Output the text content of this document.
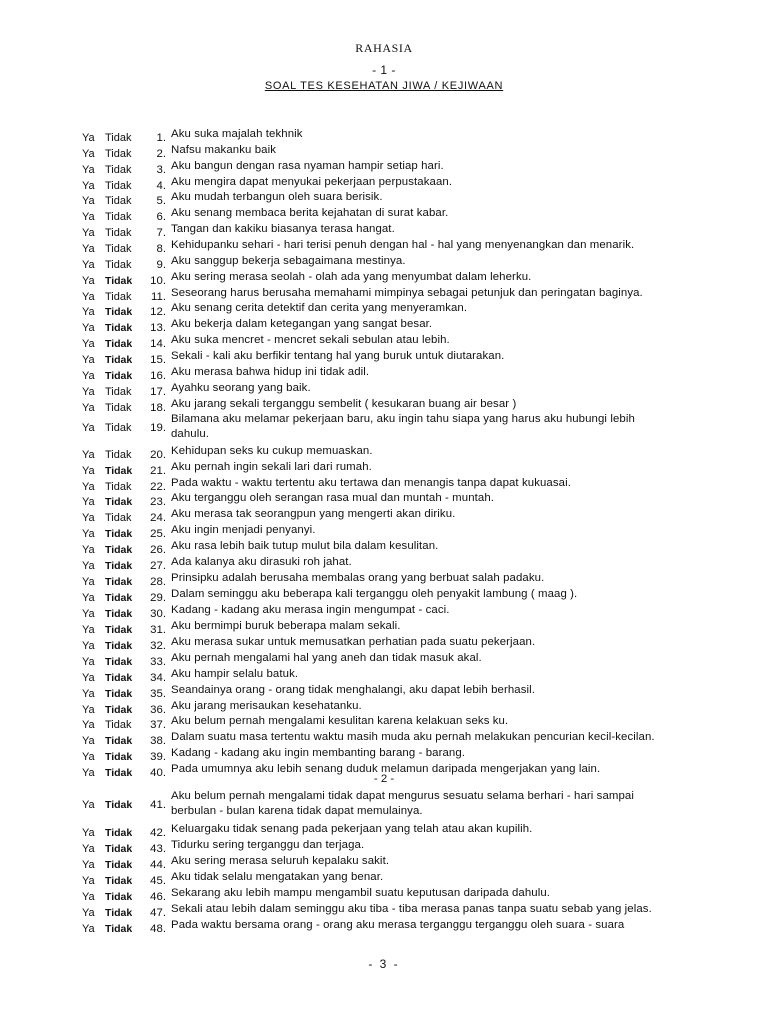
RAHASIA
- 1 -
SOAL TES KESEHATAN JIWA / KEJIWAAN
Ya Tidak	1. Aku suka majalah tekhnik
Ya Tidak	2. Nafsu makanku baik
Ya Tidak	3. Aku bangun dengan rasa nyaman hampir setiap hari.
Ya Tidak	4. Aku mengira dapat menyukai pekerjaan perpustakaan.
Ya Tidak	5. Aku mudah terbangun oleh suara berisik.
Ya Tidak	6. Aku senang membaca berita kejahatan di surat kabar.
Ya Tidak	7. Tangan dan kakiku biasanya terasa hangat.
Ya Tidak	8. Kehidupanku sehari - hari terisi penuh dengan hal - hal yang menyenangkan dan menarik.
Ya Tidak	9. Aku sanggup bekerja sebagaimana mestinya.
Ya Tidak	10. Aku sering merasa seolah - olah ada yang menyumbat dalam leherku.
Ya Tidak	11. Seseorang harus berusaha memahami mimpinya sebagai petunjuk dan peringatan baginya.
Ya Tidak	12. Aku senang cerita detektif dan cerita yang menyeramkan.
Ya Tidak	13. Aku bekerja dalam ketegangan yang sangat besar.
Ya Tidak	14. Aku suka mencret - mencret sekali sebulan atau lebih.
Ya Tidak	15. Sekali - kali aku berfikir tentang hal yang buruk untuk diutarakan.
Ya Tidak	16. Aku merasa bahwa hidup ini tidak adil.
Ya Tidak	17. Ayahku seorang yang baik.
Ya Tidak	18. Aku jarang sekali terganggu sembelit ( kesukaran buang air besar )
Ya Tidak	19.
Bilamana aku melamar pekerjaan baru, aku ingin tahu siapa yang harus aku hubungi lebih
dahulu.
Ya Tidak	20. Kehidupan seks ku cukup memuaskan.
Ya Tidak	21. Aku pernah ingin sekali lari dari rumah.
Ya Tidak	22. Pada waktu - waktu tertentu aku tertawa dan menangis tanpa dapat kukuasai.
Ya Tidak	23. Aku terganggu oleh serangan rasa mual dan muntah - muntah.
Ya Tidak	24. Aku merasa tak seorangpun yang mengerti akan diriku.
Ya Tidak	25. Aku ingin menjadi penyanyi.
Ya Tidak	26. Aku rasa lebih baik tutup mulut bila dalam kesulitan.
Ya Tidak	27. Ada kalanya aku dirasuki roh jahat.
Ya Tidak	28. Prinsipku adalah berusaha membalas orang yang berbuat salah padaku.
Ya Tidak	29. Dalam seminggu aku beberapa kali terganggu oleh penyakit lambung ( maag ).
Ya Tidak	30. Kadang - kadang aku merasa ingin mengumpat - caci.
Ya Tidak	31. Aku bermimpi buruk beberapa malam sekali.
Ya Tidak	32. Aku merasa sukar untuk memusatkan perhatian pada suatu pekerjaan.
Ya Tidak	33. Aku pernah mengalami hal yang aneh dan tidak masuk akal.
Ya Tidak	34. Aku hampir selalu batuk.
Ya Tidak	35. Seandainya orang - orang tidak menghalangi, aku dapat lebih berhasil.
Ya Tidak	36. Aku jarang merisaukan kesehatanku.
Ya Tidak	37. Aku belum pernah mengalami kesulitan karena kelakuan seks ku.
Ya Tidak	38. Dalam suatu masa tertentu waktu masih muda aku pernah melakukan pencurian kecil-kecilan.
Ya Tidak	39. Kadang - kadang aku ingin membanting barang - barang.
Ya Tidak	40. Pada umumnya aku lebih senang duduk melamun daripada mengerjakan yang lain.
Ya Tidak	41.
Aku belum pernah mengalami tidak dapat mengurus sesuatu selama berhari - hari sampai
berbulan - bulan karena tidak dapat memulainya.
Ya Tidak	42. Keluargaku tidak senang pada pekerjaan yang telah atau akan kupilih.
Ya Tidak	43. Tidurku sering terganggu dan terjaga.
Ya Tidak	44. Aku sering merasa seluruh kepalaku sakit.
Ya Tidak	45. Aku tidak selalu mengatakan yang benar.
Ya Tidak	46. Sekarang aku lebih mampu mengambil suatu keputusan daripada dahulu.
Ya Tidak	47. Sekali atau lebih dalam seminggu aku tiba - tiba merasa panas tanpa suatu sebab yang jelas.
Ya Tidak	48. Pada waktu bersama orang - orang aku merasa terganggu terganggu oleh suara - suara
- 2 -
- 3 -
